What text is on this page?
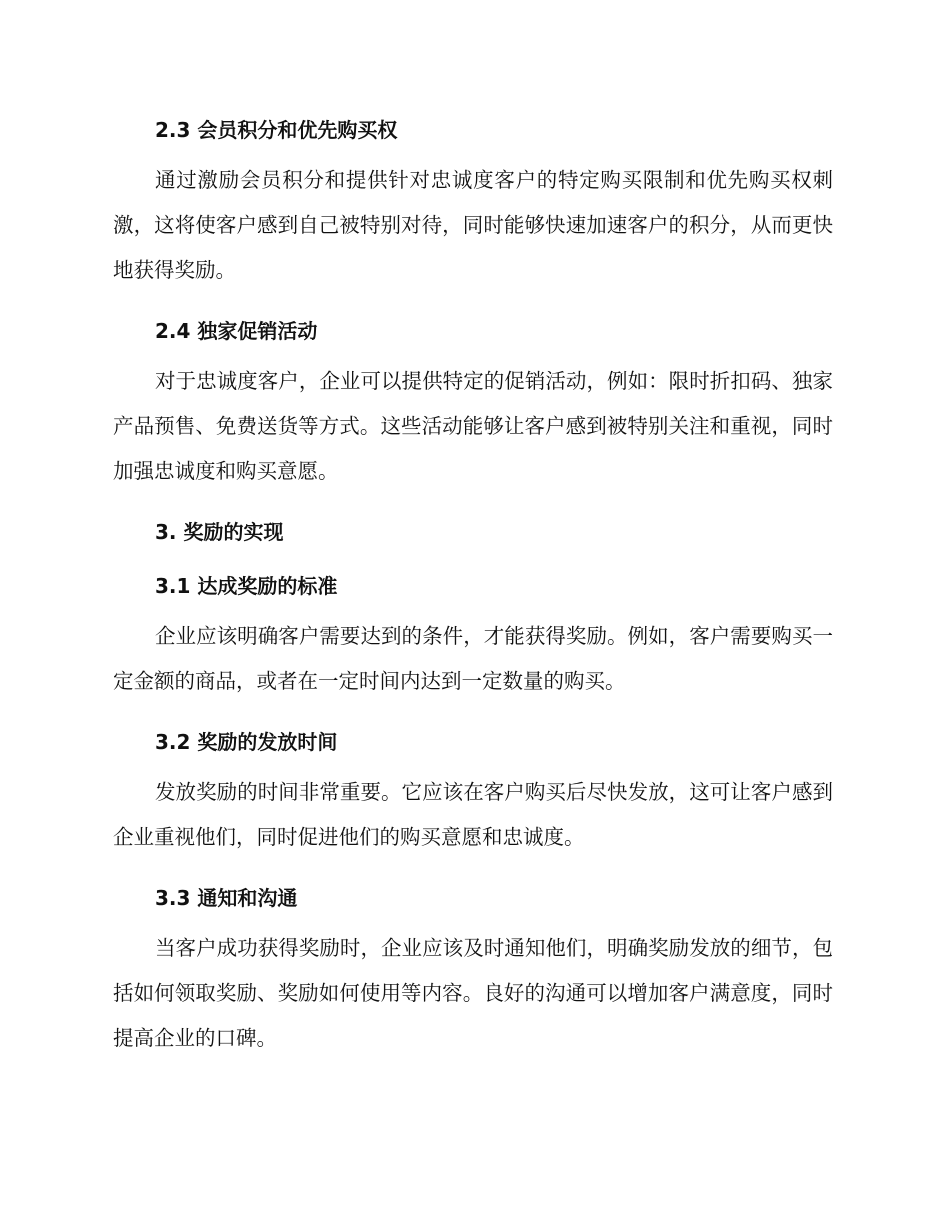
2.3 会员积分和优先购买权
通过激励会员积分和提供针对忠诚度客户的特定购买限制和优先购买权刺激，这将使客户感到自己被特别对待，同时能够快速加速客户的积分，从而更快地获得奖励。
2.4 独家促销活动
对于忠诚度客户，企业可以提供特定的促销活动，例如：限时折扣码、独家产品预售、免费送货等方式。这些活动能够让客户感到被特别关注和重视，同时加强忠诚度和购买意愿。
3. 奖励的实现
3.1 达成奖励的标准
企业应该明确客户需要达到的条件，才能获得奖励。例如，客户需要购买一定金额的商品，或者在一定时间内达到一定数量的购买。
3.2 奖励的发放时间
发放奖励的时间非常重要。它应该在客户购买后尽快发放，这可让客户感到企业重视他们，同时促进他们的购买意愿和忠诚度。
3.3 通知和沟通
当客户成功获得奖励时，企业应该及时通知他们，明确奖励发放的细节，包括如何领取奖励、奖励如何使用等内容。良好的沟通可以增加客户满意度，同时提高企业的口碑。
